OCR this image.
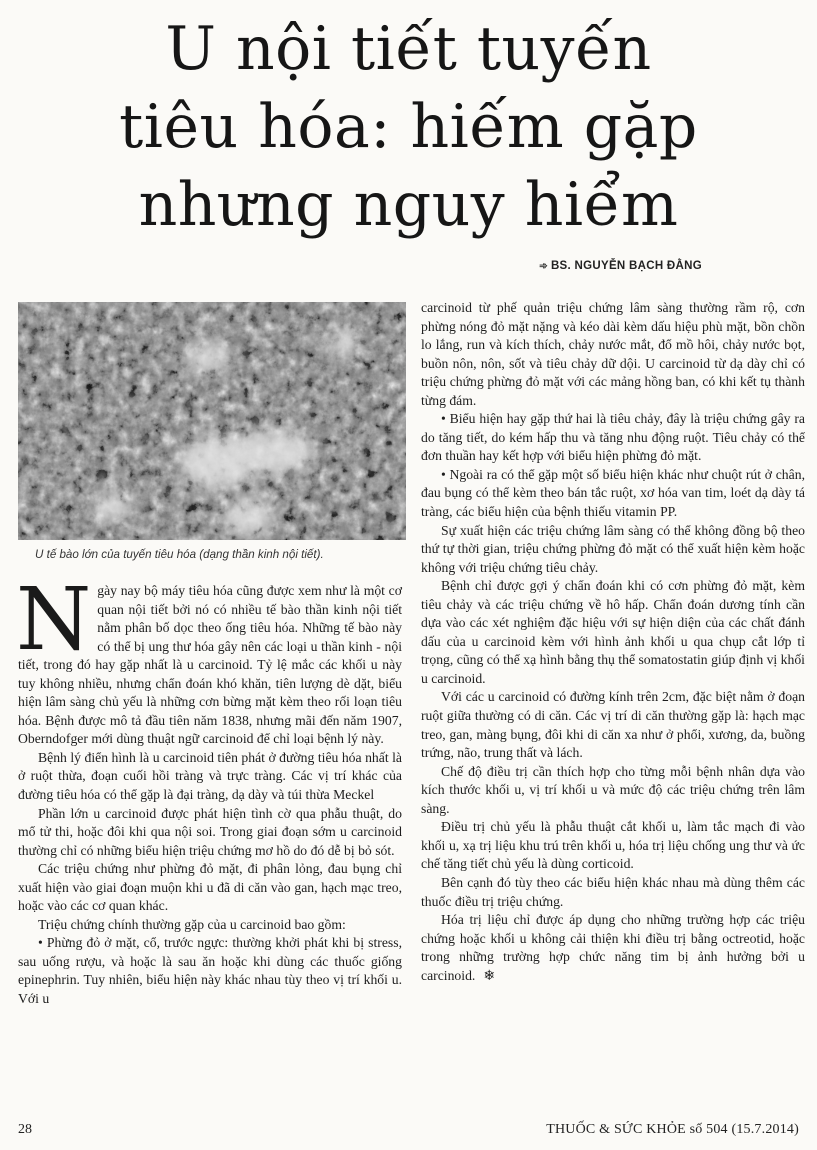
U nội tiết tuyến
tiêu hóa: hiếm gặp
nhưng nguy hiểm
➾ BS. NGUYỄN BẠCH ĐẰNG
U tế bào lớn của tuyến tiêu hóa (dạng thần kinh nội tiết).

Ngày nay bộ máy tiêu hóa cũng được xem như là một cơ quan nội tiết bởi nó có nhiều tế bào thần kinh nội tiết nằm phân bố dọc theo ống tiêu hóa. Những tế bào này có thể bị ung thư hóa gây nên các loại u thần kinh - nội tiết, trong đó hay gặp nhất là u carcinoid. Tỷ lệ mắc các khối u này tuy không nhiều, nhưng chẩn đoán khó khăn, tiên lượng dè dặt, biểu hiện lâm sàng chủ yếu là những cơn bừng mặt kèm theo rối loạn tiêu hóa. Bệnh được mô tả đầu tiên năm 1838, nhưng mãi đến năm 1907, Oberndofger mới dùng thuật ngữ carcinoid để chỉ loại bệnh lý này.

Bệnh lý điển hình là u carcinoid tiên phát ở đường tiêu hóa nhất là ở ruột thừa, đoạn cuối hồi tràng và trực tràng. Các vị trí khác của đường tiêu hóa có thể gặp là đại tràng, dạ dày và túi thừa Meckel

Phần lớn u carcinoid được phát hiện tình cờ qua phẫu thuật, do mổ tử thi, hoặc đôi khi qua nội soi. Trong giai đoạn sớm u carcinoid thường chỉ có những biểu hiện triệu chứng mơ hồ do đó dễ bị bỏ sót.

Các triệu chứng như phừng đỏ mặt, đi phân lỏng, đau bụng chỉ xuất hiện vào giai đoạn muộn khi u đã di căn vào gan, hạch mạc treo, hoặc vào các cơ quan khác.

Triệu chứng chính thường gặp của u carcinoid bao gồm:

• Phừng đỏ ở mặt, cổ, trước ngực: thường khởi phát khi bị stress, sau uống rượu, và hoặc là sau ăn hoặc khi dùng các thuốc giống epinephrin. Tuy nhiên, biểu hiện này khác nhau tùy theo vị trí khối u. Với u

carcinoid từ phế quản triệu chứng lâm sàng thường rầm rộ, cơn phừng nóng đỏ mặt nặng và kéo dài kèm dấu hiệu phù mặt, bồn chồn lo lắng, run và kích thích, chảy nước mắt, đổ mồ hôi, chảy nước bọt, buồn nôn, nôn, sốt và tiêu chảy dữ dội. U carcinoid từ dạ dày chỉ có triệu chứng phừng đỏ mặt với các mảng hồng ban, có khi kết tụ thành từng đám.

• Biểu hiện hay gặp thứ hai là tiêu chảy, đây là triệu chứng gây ra do tăng tiết, do kém hấp thu và tăng nhu động ruột. Tiêu chảy có thể đơn thuần hay kết hợp với biểu hiện phừng đỏ mặt.

• Ngoài ra có thể gặp một số biểu hiện khác như chuột rút ở chân, đau bụng có thể kèm theo bán tắc ruột, xơ hóa van tim, loét dạ dày tá tràng, các biểu hiện của bệnh thiếu vitamin PP.

Sự xuất hiện các triệu chứng lâm sàng có thể không đồng bộ theo thứ tự thời gian, triệu chứng phừng đỏ mặt có thể xuất hiện kèm hoặc không với triệu chứng tiêu chảy.

Bệnh chỉ được gợi ý chẩn đoán khi có cơn phừng đỏ mặt, kèm tiêu chảy và các triệu chứng về hô hấp. Chẩn đoán dương tính cần dựa vào các xét nghiệm đặc hiệu với sự hiện diện của các chất đánh dấu của u carcinoid kèm với hình ảnh khối u qua chụp cắt lớp tỉ trọng, cũng có thể xạ hình bằng thụ thể somatostatin giúp định vị khối u carcinoid.

Với các u carcinoid có đường kính trên 2cm, đặc biệt nằm ở đoạn ruột giữa thường có di căn. Các vị trí di căn thường gặp là: hạch mạc treo, gan, màng bụng, đôi khi di căn xa như ở phổi, xương, da, buồng trứng, não, trung thất và lách.

Chế độ điều trị cần thích hợp cho từng mỗi bệnh nhân dựa vào kích thước khối u, vị trí khối u và mức độ các triệu chứng trên lâm sàng.

Điều trị chủ yếu là phẫu thuật cắt khối u, làm tắc mạch đi vào khối u, xạ trị liệu khu trú trên khối u, hóa trị liệu chống ung thư và ức chế tăng tiết chủ yếu là dùng corticoid.

Bên cạnh đó tùy theo các biểu hiện khác nhau mà dùng thêm các thuốc điều trị triệu chứng.

Hóa trị liệu chỉ được áp dụng cho những trường hợp các triệu chứng hoặc khối u không cải thiện khi điều trị bằng octreotid, hoặc trong những trường hợp chức năng tim bị ảnh hưởng bởi u carcinoid. ❄

28	THUỐC & SỨC KHỎE số 504 (15.7.2014)
